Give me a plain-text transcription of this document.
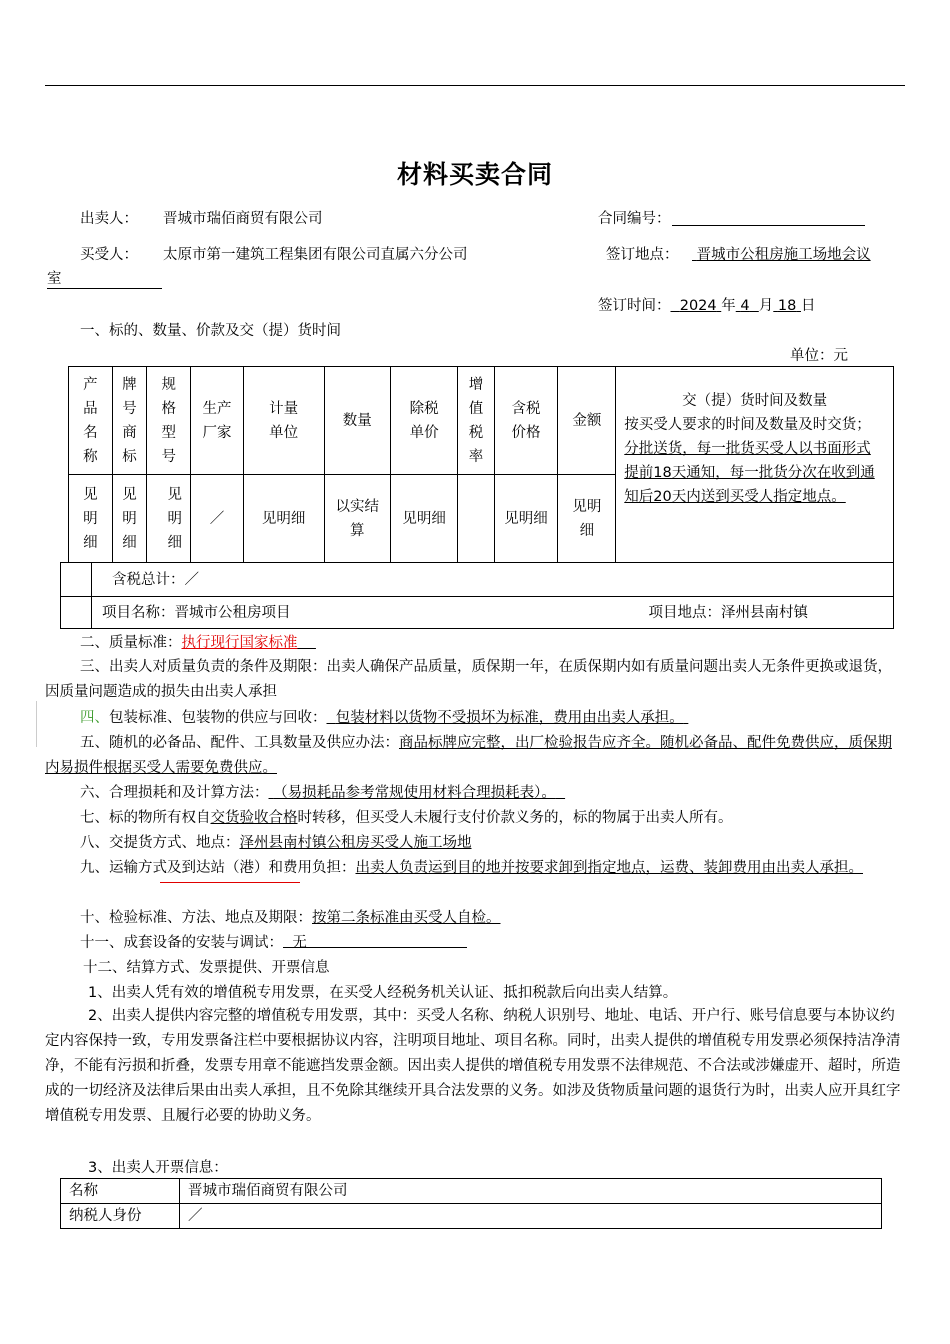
材料买卖合同
出卖人： 晋城市瑞佰商贸有限公司	合同编号：
买受人： 太原市第一建筑工程集团有限公司直属六分公司	签订地点：	晋城市公租房施工场地会议
室
签订时间： 2024 年 4 月 18 日
一、标的、数量、价款及交（提）货时间
单位：元
产品名称	牌号商标	规格型号	生产厂家	计量单位	数量	除税单价	增值税率	含税价格	金额	交（提）货时间及数量
按买受人要求的时间及数量及时交货；分批送货，每一批货买受人以书面形式提前18天通知，每一批货分次在收到通知后20天内送到买受人指定地点。

见明细	见明细	见明细	／	见明细	以实结算	见明细		见明细	见明细	
	含税总计：／
	项目名称：晋城市公租房项目 项目地点：泽州县南村镇
二、质量标准：执行现行国家标准
三、出卖人对质量负责的条件及期限：出卖人确保产品质量，质保期一年，在质保期内如有质量问题出卖人无条件更换或退货，因质量问题造成的损失由出卖人承担
四、包装标准、包装物的供应与回收： 包装材料以货物不受损坏为标准，费用由出卖人承担。
五、随机的必备品、配件、工具数量及供应办法：商品标牌应完整，出厂检验报告应齐全。随机必备品、配件免费供应，质保期内易损件根据买受人需要免费供应。
六、合理损耗和及计算方法： （易损耗品参考常规使用材料合理损耗表）。
七、标的物所有权自交货验收合格时转移，但买受人未履行支付价款义务的，标的物属于出卖人所有。
八、交提货方式、地点：泽州县南村镇公租房买受人施工场地
九、运输方式及到达站（港）和费用负担：出卖人负责运到目的地并按要求卸到指定地点，运费、装卸费用由出卖人承担。
十、检验标准、方法、地点及期限：按第二条标准由买受人自检。
十一、成套设备的安装与调试： 无
十二、结算方式、发票提供、开票信息
1、出卖人凭有效的增值税专用发票，在买受人经税务机关认证、抵扣税款后向出卖人结算。
2、出卖人提供内容完整的增值税专用发票，其中：买受人名称、纳税人识别号、地址、电话、开户行、账号信息要与本协议约定内容保持一致，专用发票备注栏中要根据协议内容，注明项目地址、项目名称。同时，出卖人提供的增值税专用发票必须保持洁净清净，不能有污损和折叠，发票专用章不能遮挡发票金额。因出卖人提供的增值税专用发票不法律规范、不合法或涉嫌虚开、超时，所造成的一切经济及法律后果由出卖人承担，且不免除其继续开具合法发票的义务。如涉及货物质量问题的退货行为时，出卖人应开具红字增值税专用发票、且履行必要的协助义务。
3、出卖人开票信息：
名称	晋城市瑞佰商贸有限公司
纳税人身份	／
